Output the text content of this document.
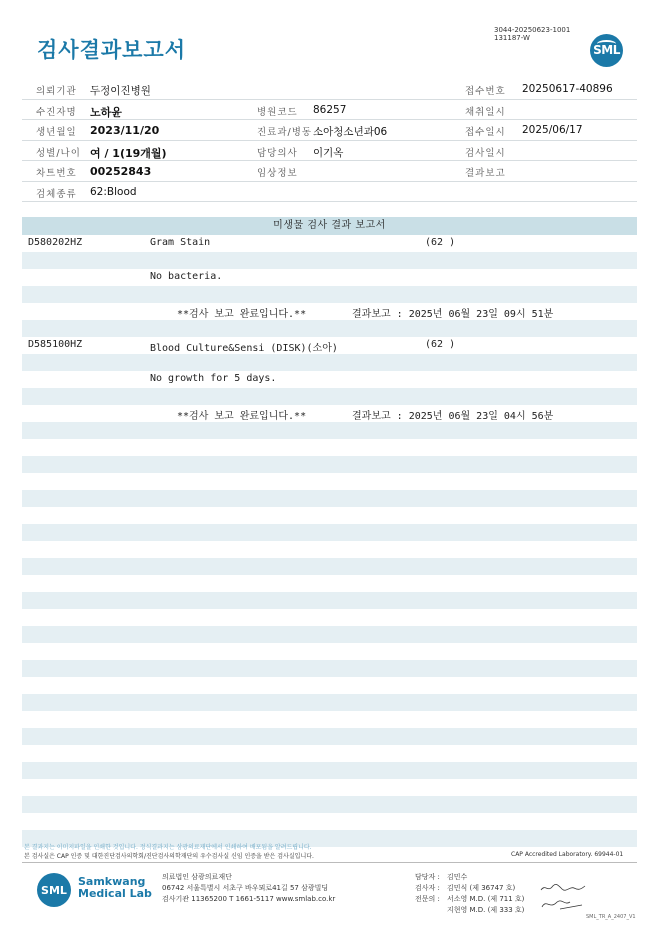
검사결과보고서
3044-20250623-1001
131187-W
SML
의뢰기관 두정이진병원	접수번호 20250617-40896
수진자명 노하윤	병원코드 86257	채취일시
생년월일 2023/11/20	진료과/병동 소아청소년과06	접수일시 2025/06/17
성별/나이 여 / 1(19개월)	담당의사 이기옥	검사일시
차트번호 00252843	임상정보	결과보고
검체종류 62:Blood
미생물 검사 결과 보고서
D580202HZ	Gram Stain	(62 )
No bacteria.
**검사 보고 완료입니다.**	결과보고 : 2025년 06월 23일 09시 51분
D585100HZ	Blood Culture&Sensi (DISK)(소아)	(62 )
No growth for 5 days.
**검사 보고 완료입니다.**	결과보고 : 2025년 06월 23일 04시 56분
본 결과지는 이미지파일을 인쇄한 것입니다. 정식결과지는 삼광의료재단에서 인쇄하여 배포됨을 알려드립니다.
본 검사실은 CAP 인증 및 대한진단검사의학회/진단검사의학재단의 우수검사실 신임 인증을 받은 검사실입니다.	CAP Accredited Laboratory. 69944-01
SML
Samkwang
Medical Lab
의료법인 삼광의료재단
06742 서울특별시 서초구 바우뫼로41길 57 삼광빌딩
검사기관 11365200 T 1661-5117 www.smlab.co.kr
담당자 : 김민수
검사자 : 김민식 (제 36747 호)
전문의 : 서소영 M.D. (제 711 호)
지현영 M.D. (제 333 호)
SML_TR_A_2407_V1
